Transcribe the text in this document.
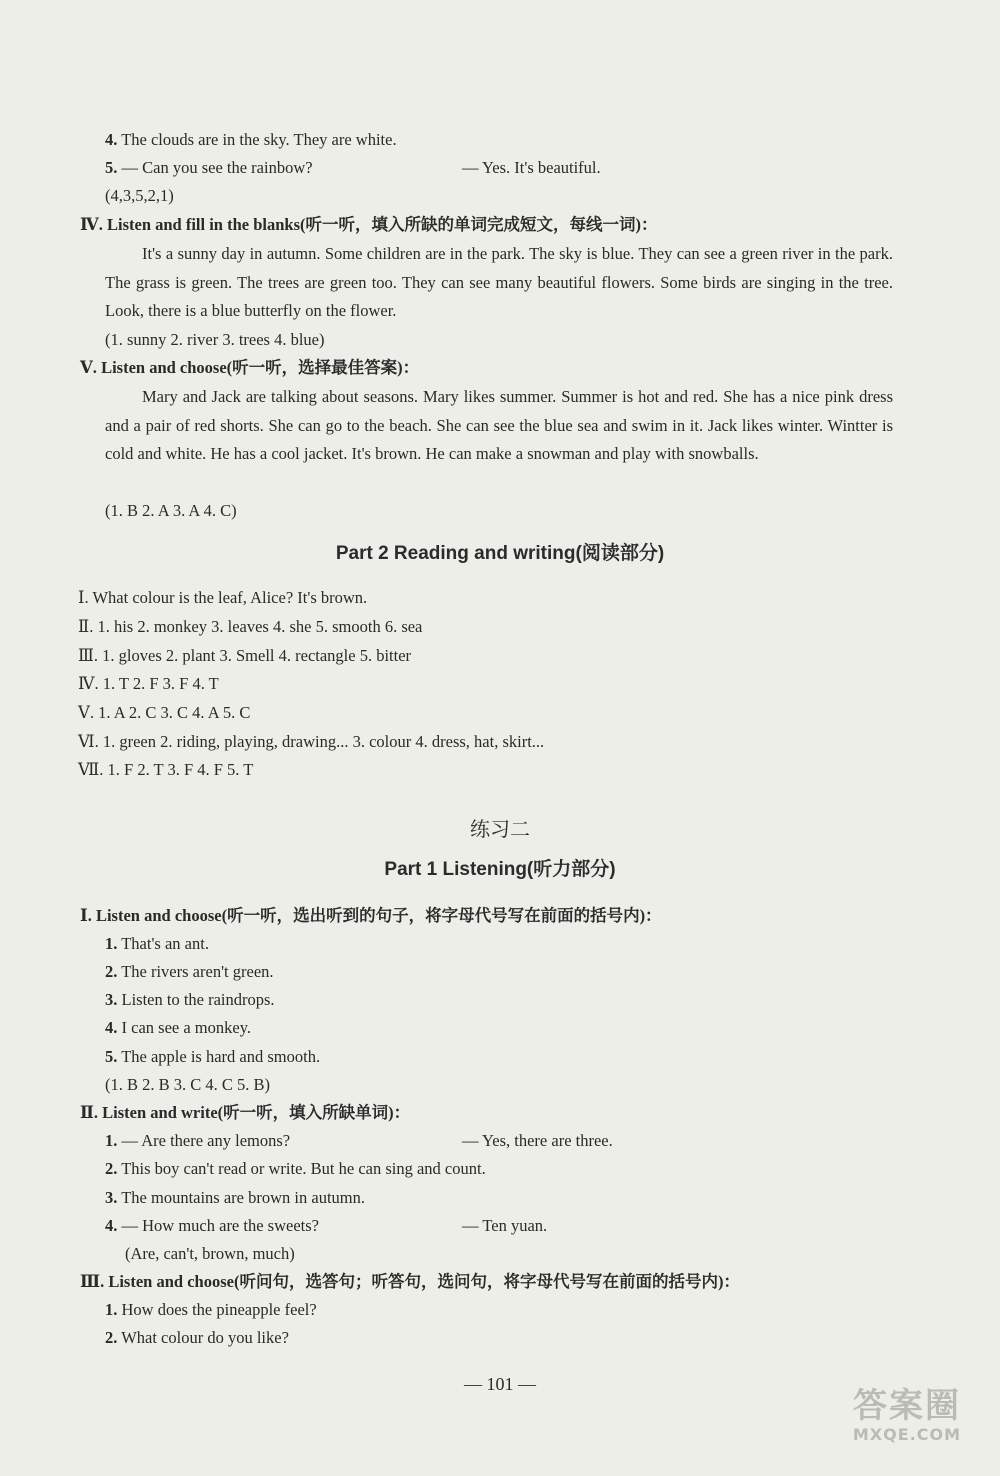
4. The clouds are in the sky. They are white.
5. — Can you see the rainbow?	— Yes. It's beautiful.
(4,3,5,2,1)
Ⅳ. Listen and fill in the blanks(听一听，填入所缺的单词完成短文，每线一词)：
It's a sunny day in autumn. Some children are in the park. The sky is blue. They can see a green river in the park. The grass is green. The trees are green too. They can see many beautiful flowers. Some birds are singing in the tree. Look, there is a blue butterfly on the flower.
(1. sunny 2. river 3. trees 4. blue)
Ⅴ. Listen and choose(听一听，选择最佳答案)：
Mary and Jack are talking about seasons. Mary likes summer. Summer is hot and red. She has a nice pink dress and a pair of red shorts. She can go to the beach. She can see the blue sea and swim in it. Jack likes winter. Wintter is cold and white. He has a cool jacket. It's brown. He can make a snowman and play with snowballs.
(1. B 2. A 3. A 4. C)
Part 2 Reading and writing(阅读部分)
Ⅰ. What colour is the leaf, Alice? It's brown.
Ⅱ. 1. his 2. monkey 3. leaves 4. she 5. smooth 6. sea
Ⅲ. 1. gloves 2. plant 3. Smell 4. rectangle 5. bitter
Ⅳ. 1. T 2. F 3. F 4. T
Ⅴ. 1. A 2. C 3. C 4. A 5. C
Ⅵ. 1. green 2. riding, playing, drawing... 3. colour 4. dress, hat, skirt...
Ⅶ. 1. F 2. T 3. F 4. F 5. T
练习二
Part 1 Listening(听力部分)
Ⅰ. Listen and choose(听一听，选出听到的句子，将字母代号写在前面的括号内)：
1. That's an ant.
2. The rivers aren't green.
3. Listen to the raindrops.
4. I can see a monkey.
5. The apple is hard and smooth.
(1. B 2. B 3. C 4. C 5. B)
Ⅱ. Listen and write(听一听，填入所缺单词)：
1. — Are there any lemons?	— Yes, there are three.
2. This boy can't read or write. But he can sing and count.
3. The mountains are brown in autumn.
4. — How much are the sweets?	— Ten yuan.
(Are, can't, brown, much)
Ⅲ. Listen and choose(听问句，选答句；听答句，选问句，将字母代号写在前面的括号内)：
1. How does the pineapple feel?
2. What colour do you like?
— 101 —
答案圈
MXQE.COM
